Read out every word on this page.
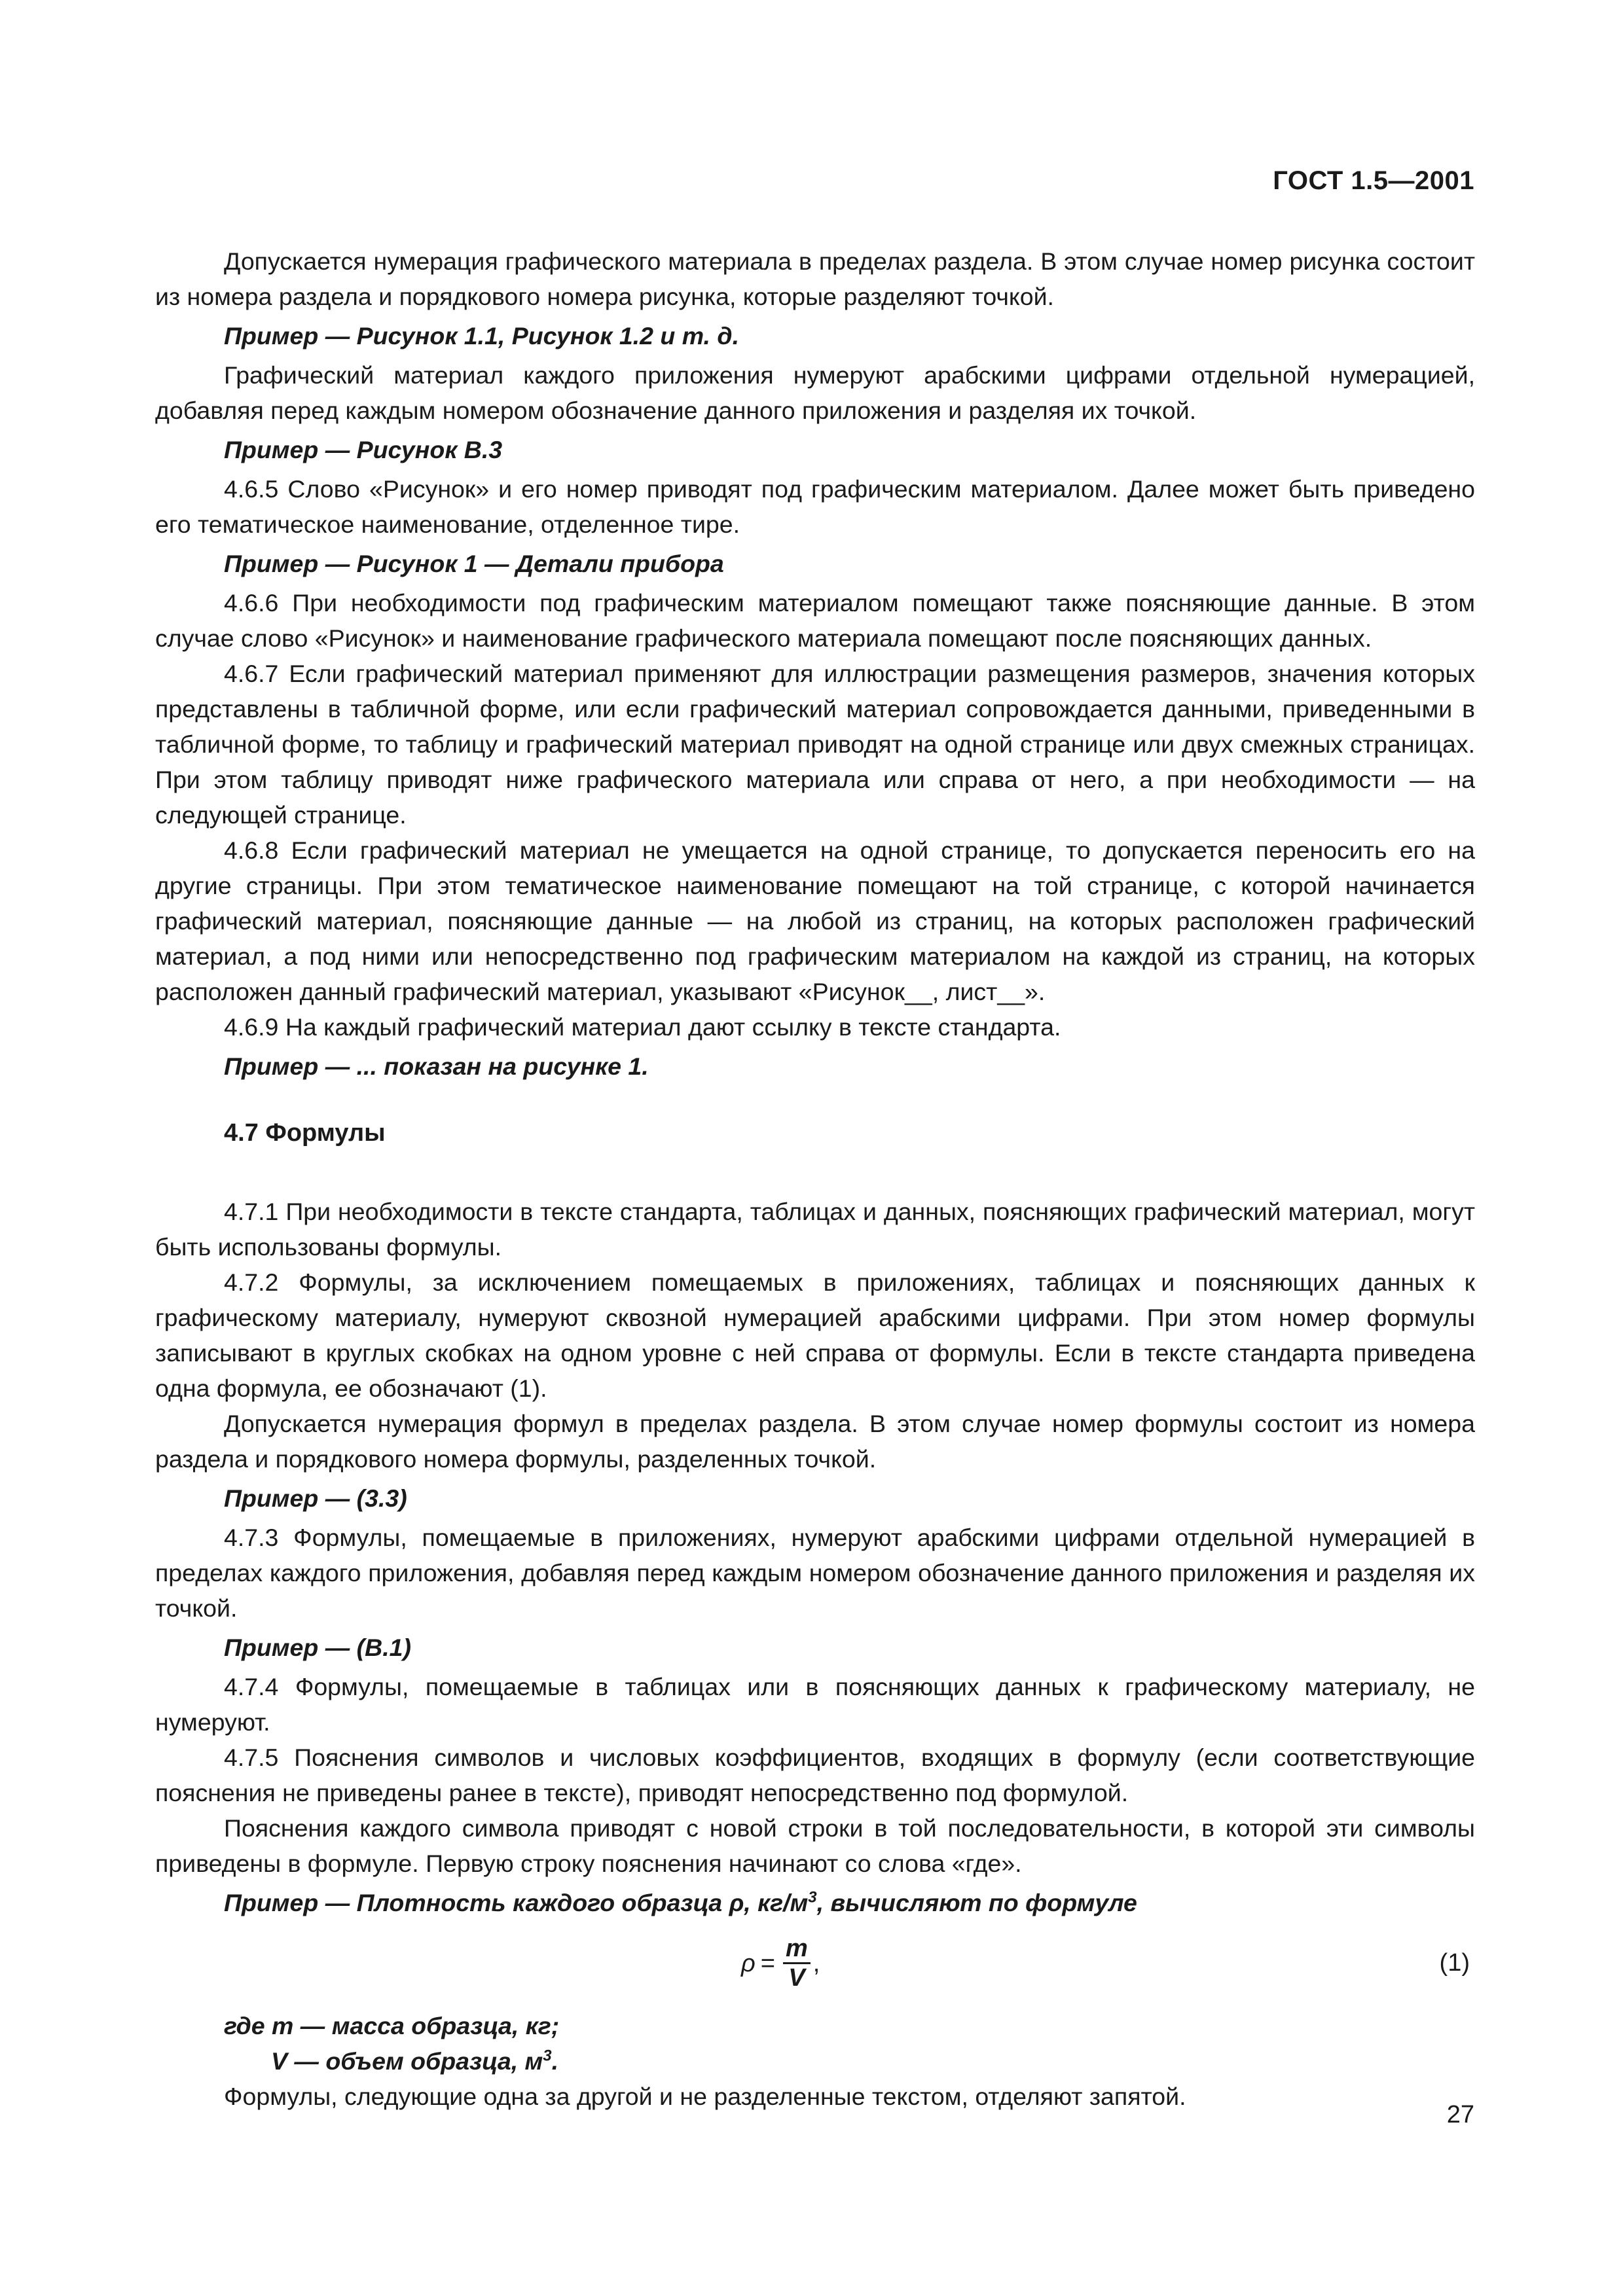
ГОСТ 1.5—2001

Допускается нумерация графического материала в пределах раздела. В этом случае номер рисунка состоит из номера раздела и порядкового номера рисунка, которые разделяют точкой.

Пример — Рисунок 1.1, Рисунок 1.2 и т. д.

Графический материал каждого приложения нумеруют арабскими цифрами отдельной нумерацией, добавляя перед каждым номером обозначение данного приложения и разделяя их точкой.

Пример — Рисунок В.3

4.6.5 Слово «Рисунок» и его номер приводят под графическим материалом. Далее может быть приведено его тематическое наименование, отделенное тире.

Пример — Рисунок 1 — Детали прибора

4.6.6 При необходимости под графическим материалом помещают также поясняющие данные. В этом случае слово «Рисунок» и наименование графического материала помещают после поясняющих данных.

4.6.7 Если графический материал применяют для иллюстрации размещения размеров, значения которых представлены в табличной форме, или если графический материал сопровождается данными, приведенными в табличной форме, то таблицу и графический материал приводят на одной странице или двух смежных страницах. При этом таблицу приводят ниже графического материала или справа от него, а при необходимости — на следующей странице.

4.6.8 Если графический материал не умещается на одной странице, то допускается переносить его на другие страницы. При этом тематическое наименование помещают на той странице, с которой начинается графический материал, поясняющие данные — на любой из страниц, на которых расположен графический материал, а под ними или непосредственно под графическим материалом на каждой из страниц, на которых расположен данный графический материал, указывают «Рисунок__, лист__».

4.6.9 На каждый графический материал дают ссылку в тексте стандарта.

Пример — ... показан на рисунке 1.

4.7 Формулы

4.7.1 При необходимости в тексте стандарта, таблицах и данных, поясняющих графический материал, могут быть использованы формулы.

4.7.2 Формулы, за исключением помещаемых в приложениях, таблицах и поясняющих данных к графическому материалу, нумеруют сквозной нумерацией арабскими цифрами. При этом номер формулы записывают в круглых скобках на одном уровне с ней справа от формулы. Если в тексте стандарта приведена одна формула, ее обозначают (1).

Допускается нумерация формул в пределах раздела. В этом случае номер формулы состоит из номера раздела и порядкового номера формулы, разделенных точкой.

Пример — (3.3)

4.7.3 Формулы, помещаемые в приложениях, нумеруют арабскими цифрами отдельной нумерацией в пределах каждого приложения, добавляя перед каждым номером обозначение данного приложения и разделяя их точкой.

Пример — (В.1)

4.7.4 Формулы, помещаемые в таблицах или в поясняющих данных к графическому материалу, не нумеруют.

4.7.5 Пояснения символов и числовых коэффициентов, входящих в формулу (если соответствующие пояснения не приведены ранее в тексте), приводят непосредственно под формулой.

Пояснения каждого символа приводят с новой строки в той последовательности, в которой эти символы приведены в формуле. Первую строку пояснения начинают со слова «где».

Пример — Плотность каждого образца ρ, $кг/м^3$, вычисляют по формуле

$\rho = \frac{m}{V}$ ,	(1)

где m — масса образца, кг;

V — объем образца, $м^3$.

Формулы, следующие одна за другой и не разделенные текстом, отделяют запятой.

27
